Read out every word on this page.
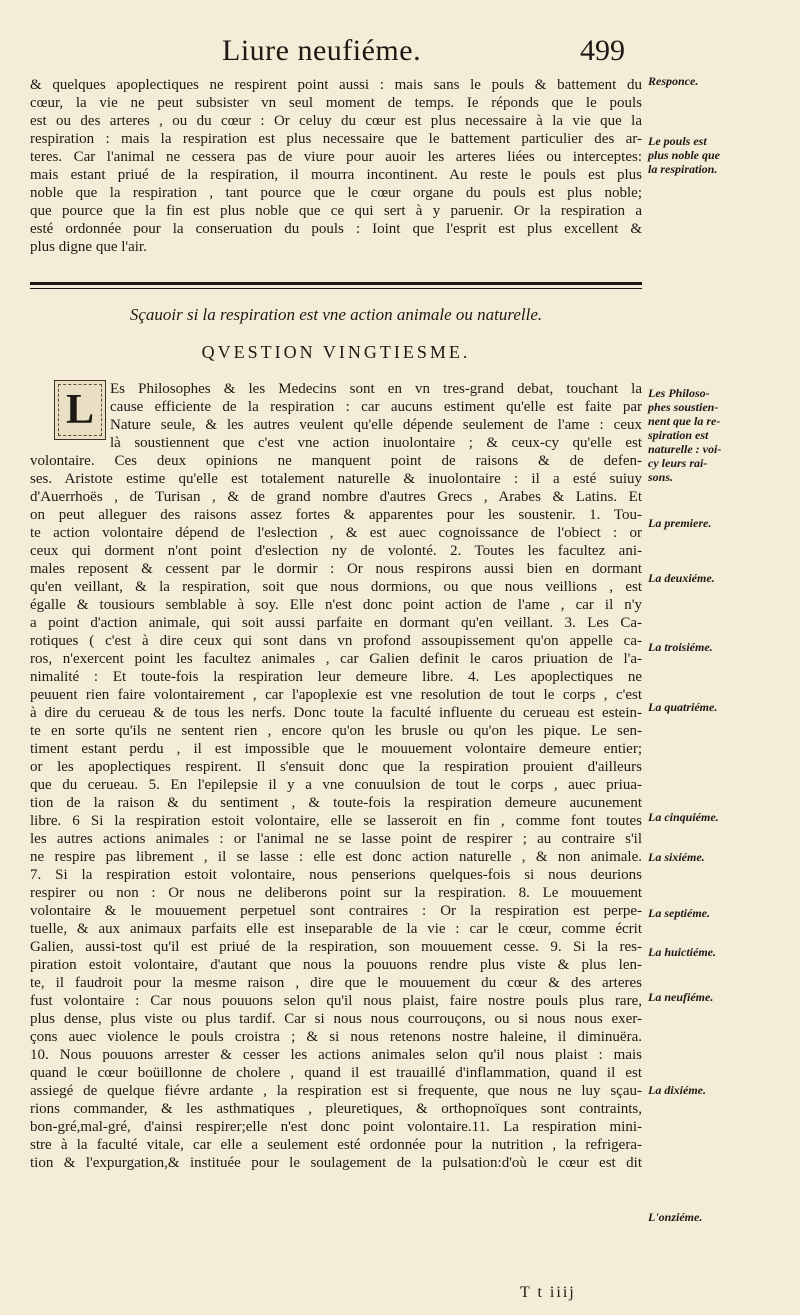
Liure neufiéme.	499
& quelques apoplectiques ne respirent point aussi : mais sans le pouls & battement du
cœur, la vie ne peut subsister vn seul moment de temps. Ie réponds que le pouls
est ou des arteres , ou du cœur : Or celuy du cœur est plus necessaire à la vie que la
respiration : mais la respiration est plus necessaire que le battement particulier des ar-
teres. Car l'animal ne cessera pas de viure pour auoir les arteres liées ou interceptes:
mais estant priué de la respiration, il mourra incontinent. Au reste le pouls est plus
noble que la respiration , tant pource que le cœur organe du pouls est plus noble;
que pource que la fin est plus noble que ce qui sert à y paruenir. Or la respiration a
esté ordonnée pour la conseruation du pouls : Ioint que l'esprit est plus excellent &
plus digne que l'air.
Sçauoir si la respiration est vne action animale ou naturelle.
QVESTION VINGTIESME.
L Es Philosophes & les Medecins sont en vn tres-grand debat, touchant la
cause efficiente de la respiration : car aucuns estiment qu'elle est faite par
Nature seule, & les autres veulent qu'elle dépende seulement de l'ame : ceux
là soustiennent que c'est vne action inuolontaire ; & ceux-cy qu'elle est
volontaire. Ces deux opinions ne manquent point de raisons & de defen-
ses. Aristote estime qu'elle est totalement naturelle & inuolontaire : il a esté suiuy
d'Auerrhoës , de Turisan , & de grand nombre d'autres Grecs , Arabes & Latins. Et
on peut alleguer des raisons assez fortes & apparentes pour les soustenir. 1. Tou-
te action volontaire dépend de l'eslection , & est auec cognoissance de l'obiect : or
ceux qui dorment n'ont point d'eslection ny de volonté. 2. Toutes les facultez ani-
males reposent & cessent par le dormir : Or nous respirons aussi bien en dormant
qu'en veillant, & la respiration, soit que nous dormions, ou que nous veillions , est
égalle & tousiours semblable à soy. Elle n'est donc point action de l'ame , car il n'y
a point d'action animale, qui soit aussi parfaite en dormant qu'en veillant. 3. Les Ca-
rotiques ( c'est à dire ceux qui sont dans vn profond assoupissement qu'on appelle ca-
ros, n'exercent point les facultez animales , car Galien definit le caros priuation de l'a-
nimalité : Et toute-fois la respiration leur demeure libre. 4. Les apoplectiques ne
peuuent rien faire volontairement , car l'apoplexie est vne resolution de tout le corps , c'est
à dire du cerueau & de tous les nerfs. Donc toute la faculté influente du cerueau est estein-
te en sorte qu'ils ne sentent rien , encore qu'on les brusle ou qu'on les pique. Le sen-
timent estant perdu , il est impossible que le mouuement volontaire demeure entier;
or les apoplectiques respirent. Il s'ensuit donc que la respiration prouient d'ailleurs
que du cerueau. 5. En l'epilepsie il y a vne conuulsion de tout le corps , auec priua-
tion de la raison & du sentiment , & toute-fois la respiration demeure aucunement
libre. 6 Si la respiration estoit volontaire, elle se lasseroit en fin , comme font toutes
les autres actions animales : or l'animal ne se lasse point de respirer ; au contraire s'il
ne respire pas librement , il se lasse : elle est donc action naturelle , & non animale.
7. Si la respiration estoit volontaire, nous penserions quelques-fois si nous deurions
respirer ou non : Or nous ne deliberons point sur la respiration. 8. Le mouuement
volontaire & le mouuement perpetuel sont contraires : Or la respiration est perpe-
tuelle, & aux animaux parfaits elle est inseparable de la vie : car le cœur, comme écrit
Galien, aussi-tost qu'il est priué de la respiration, son mouuement cesse. 9. Si la res-
piration estoit volontaire, d'autant que nous la pouuons rendre plus viste & plus len-
te, il faudroit pour la mesme raison , dire que le mouuement du cœur & des arteres
fust volontaire : Car nous pouuons selon qu'il nous plaist, faire nostre pouls plus rare,
plus dense, plus viste ou plus tardif. Car si nous nous courrouçons, ou si nous nous exer-
çons auec violence le pouls croistra ; & si nous retenons nostre haleine, il diminuëra.
10. Nous pouuons arrester & cesser les actions animales selon qu'il nous plaist : mais
quand le cœur boüillonne de cholere , quand il est trauaillé d'inflammation, quand il est
assiegé de quelque fiévre ardante , la respiration est si frequente, que nous ne luy sçau-
rions commander, & les asthmatiques , pleuretiques, & orthopnoïques sont contraints,
bon-gré,mal-gré, d'ainsi respirer;elle n'est donc point volontaire.11. La respiration mini-
stre à la faculté vitale, car elle a seulement esté ordonnée pour la nutrition , la refrigera-
tion & l'expurgation,& instituée pour le soulagement de la pulsation:d'où le cœur est dit
Responce.
Le pouls est
plus noble que
la respiration.
Les Philoso-
phes soustien-
nent que la re-
spiration est
naturelle : voi-
cy leurs rai-
sons.
La premiere.
La deuxiéme.
La troisiéme.
La quatriéme.
La cinquiéme.
La sixiéme.
La septiéme.
La huictiéme.
La neufiéme.
La dixiéme.
L'onziéme.
T t iiij
